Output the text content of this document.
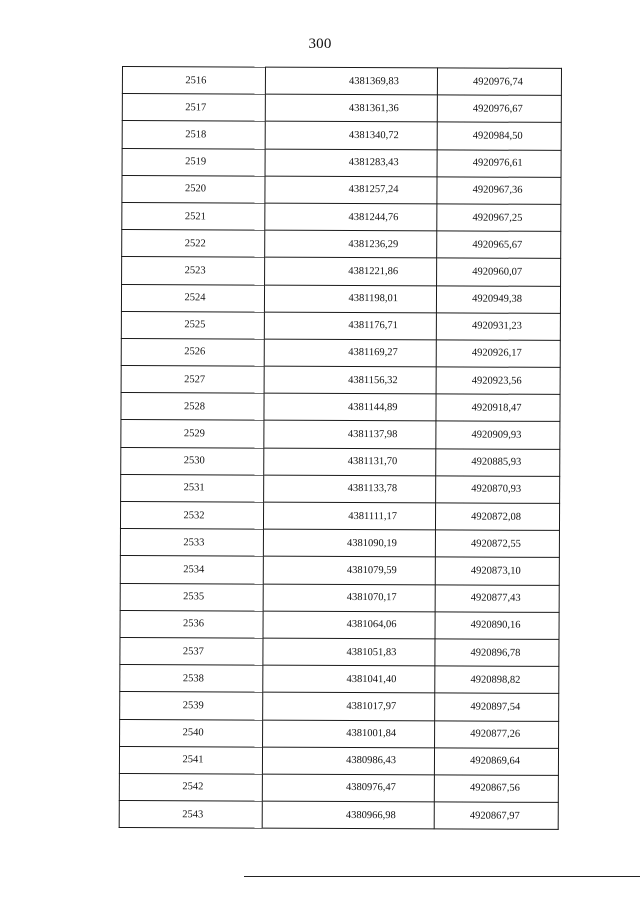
300
2516	4381369,83	4920976,74
2517	4381361,36	4920976,67
2518	4381340,72	4920984,50
2519	4381283,43	4920976,61
2520	4381257,24	4920967,36
2521	4381244,76	4920967,25
2522	4381236,29	4920965,67
2523	4381221,86	4920960,07
2524	4381198,01	4920949,38
2525	4381176,71	4920931,23
2526	4381169,27	4920926,17
2527	4381156,32	4920923,56
2528	4381144,89	4920918,47
2529	4381137,98	4920909,93
2530	4381131,70	4920885,93
2531	4381133,78	4920870,93
2532	4381111,17	4920872,08
2533	4381090,19	4920872,55
2534	4381079,59	4920873,10
2535	4381070,17	4920877,43
2536	4381064,06	4920890,16
2537	4381051,83	4920896,78
2538	4381041,40	4920898,82
2539	4381017,97	4920897,54
2540	4381001,84	4920877,26
2541	4380986,43	4920869,64
2542	4380976,47	4920867,56
2543	4380966,98	4920867,97
